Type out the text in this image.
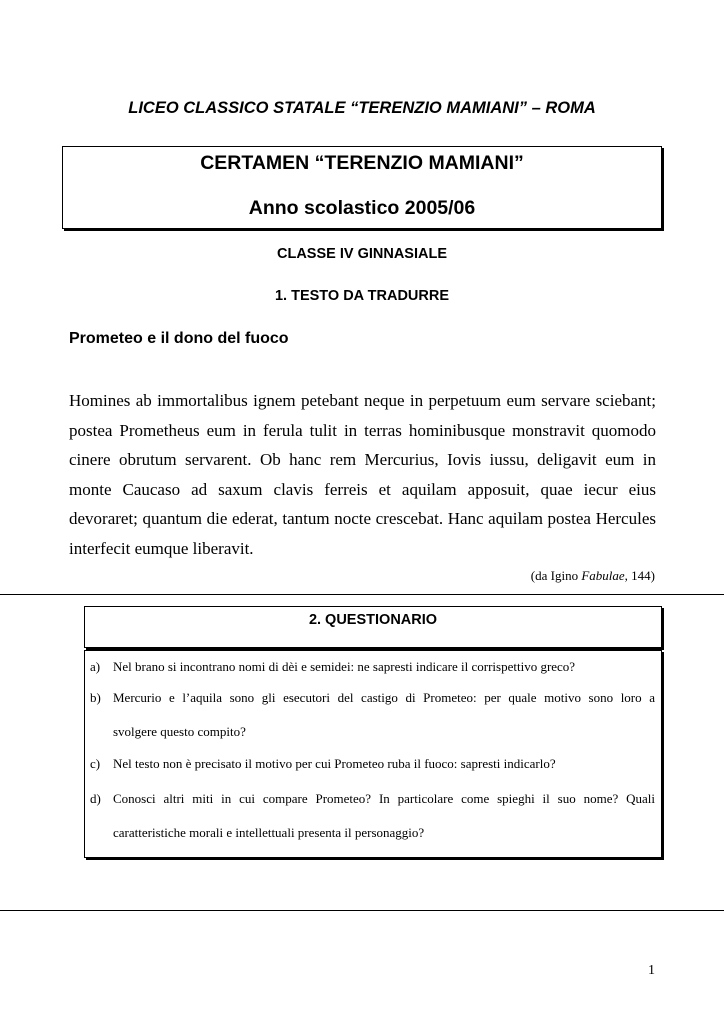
LICEO CLASSICO STATALE “TERENZIO MAMIANI” – ROMA
CERTAMEN “TERENZIO MAMIANI”
Anno scolastico 2005/06
CLASSE IV GINNASIALE
1. TESTO DA TRADURRE
Prometeo e il dono del fuoco
Homines ab immortalibus ignem petebant neque in perpetuum eum servare sciebant;
postea Prometheus eum in ferula tulit in terras hominibusque monstravit quomodo
cinere obrutum servarent. Ob hanc rem Mercurius, Iovis iussu, deligavit eum in
monte Caucaso ad saxum clavis ferreis et aquilam apposuit, quae iecur eius
devoraret; quantum die ederat, tantum nocte crescebat. Hanc aquilam postea Hercules
interfecit eumque liberavit.
(da Igino Fabulae, 144)
2. QUESTIONARIO
a) Nel brano si incontrano nomi di dèi e semidei: ne sapresti indicare il corrispettivo greco?
b) Mercurio e l’aquila sono gli esecutori del castigo di Prometeo: per quale motivo sono loro a
svolgere questo compito?
c) Nel testo non è precisato il motivo per cui Prometeo ruba il fuoco: sapresti indicarlo?
d) Conosci altri miti in cui compare Prometeo? In particolare come spieghi il suo nome? Quali
caratteristiche morali e intellettuali presenta il personaggio?
1
